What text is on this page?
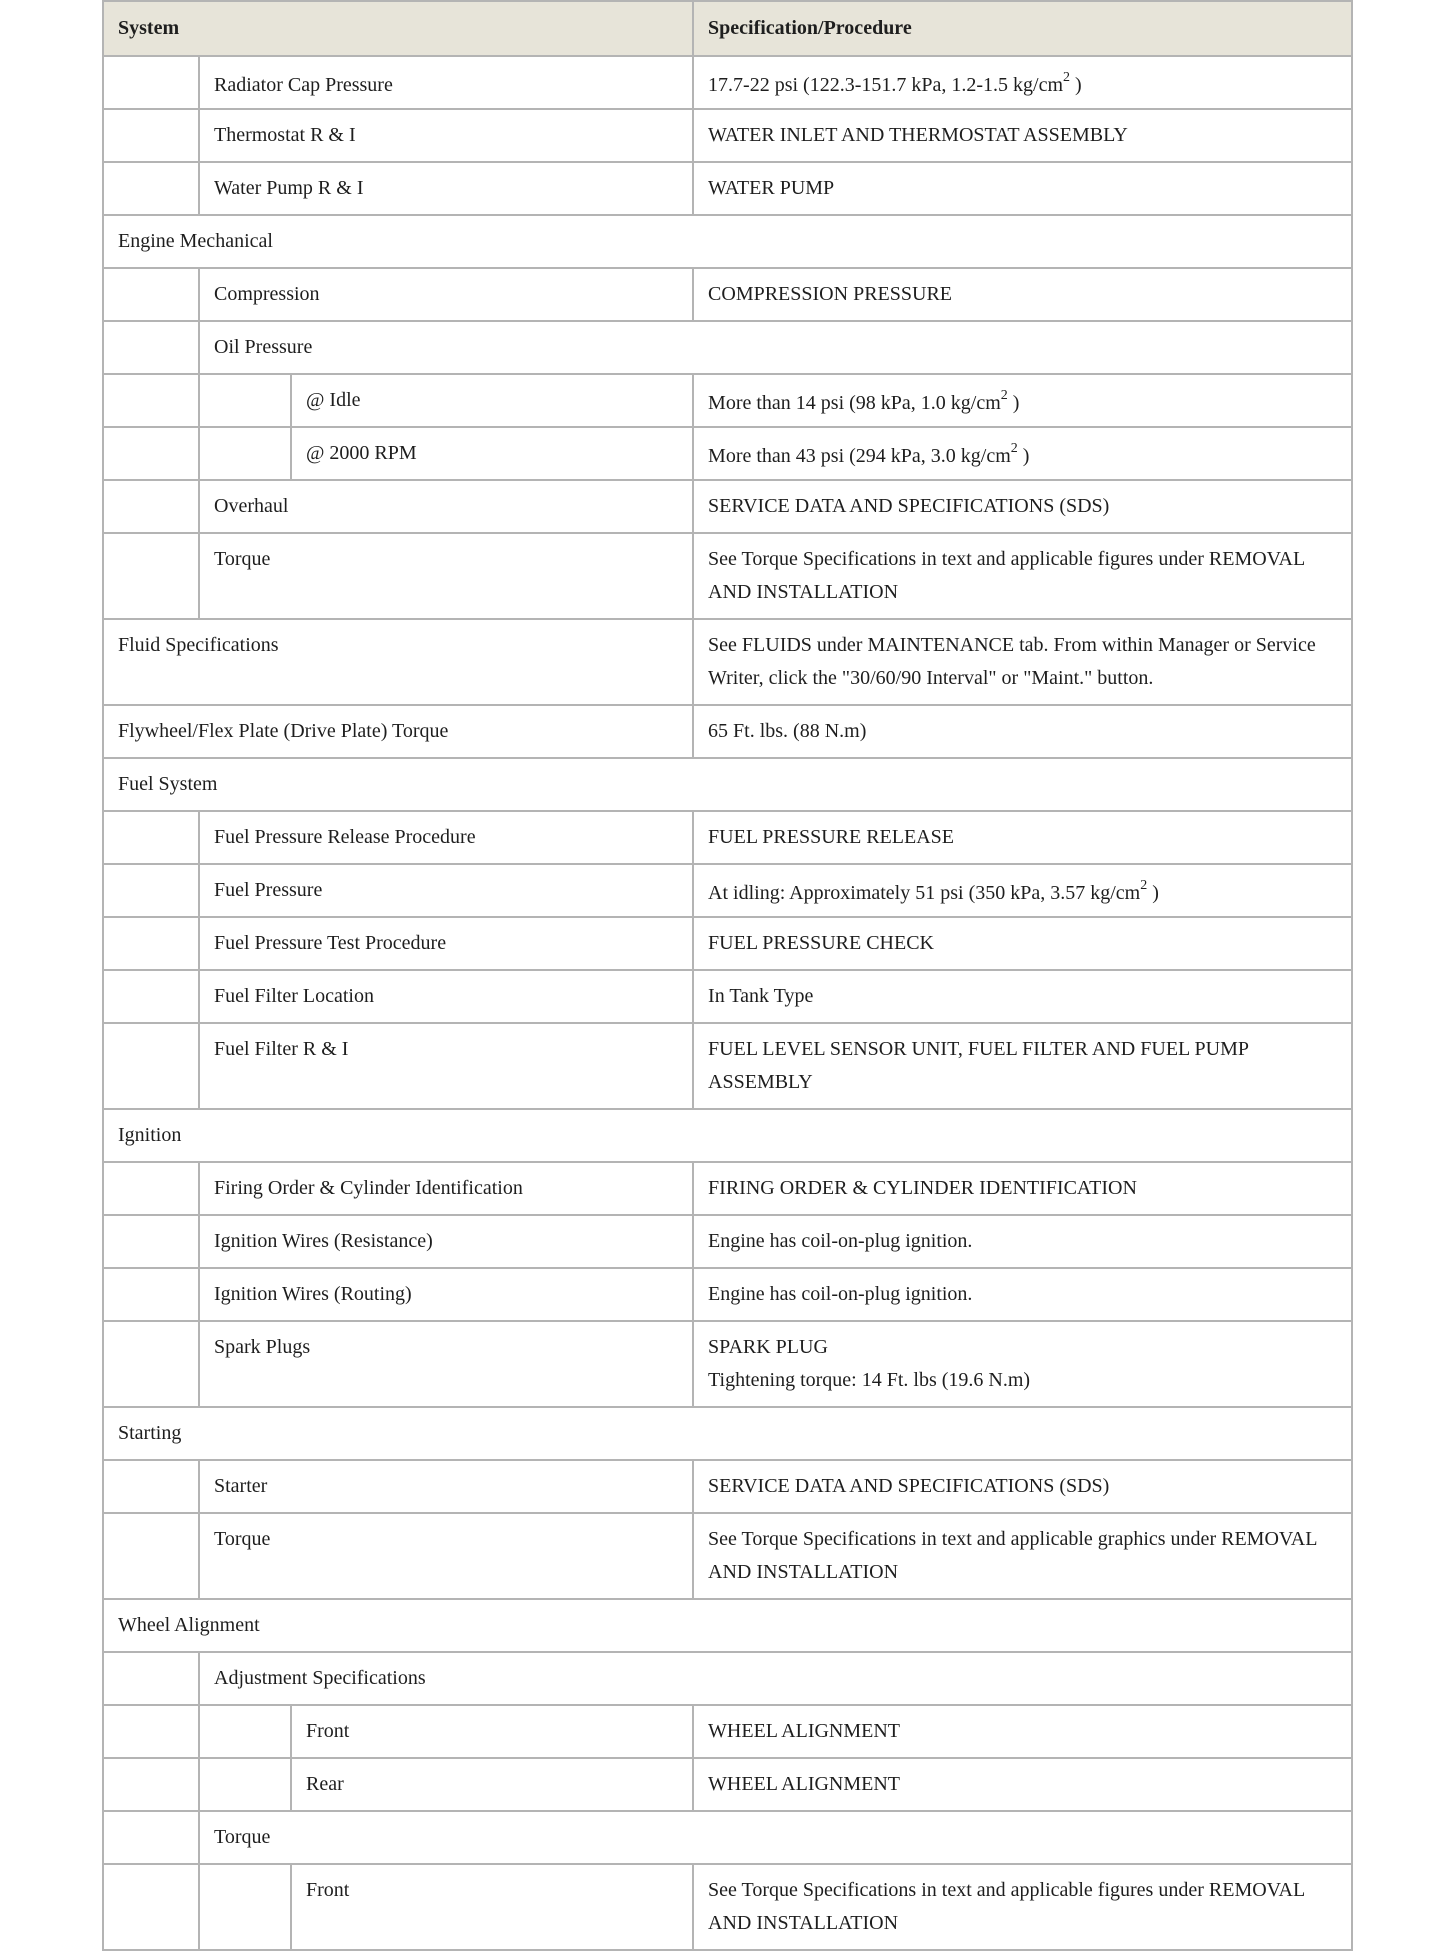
System			Specification/Procedure
	Radiator Cap Pressure		17.7-22 psi (122.3-151.7 kPa, 1.2-1.5 $kg/cm^2$ )
	Thermostat R & I		WATER INLET AND THERMOSTAT ASSEMBLY
	Water Pump R & I		WATER PUMP
Engine Mechanical			
	Compression		COMPRESSION PRESSURE
	Oil Pressure		
		@ Idle	More than 14 psi (98 kPa, 1.0 $kg/cm^2$ )
		@ 2000 RPM	More than 43 psi (294 kPa, 3.0 $kg/cm^2$ )
	Overhaul		SERVICE DATA AND SPECIFICATIONS (SDS)
	Torque		See Torque Specifications in text and applicable figures under REMOVAL AND INSTALLATION
Fluid Specifications			See FLUIDS under MAINTENANCE tab. From within Manager or Service Writer, click the "30/60/90 Interval" or "Maint." button.
Flywheel/Flex Plate (Drive Plate) Torque			65 Ft. lbs. (88 N.m)
Fuel System			
	Fuel Pressure Release Procedure		FUEL PRESSURE RELEASE
	Fuel Pressure		At idling: Approximately 51 psi (350 kPa, 3.57 $kg/cm^2$ )
	Fuel Pressure Test Procedure		FUEL PRESSURE CHECK
	Fuel Filter Location		In Tank Type
	Fuel Filter R & I		FUEL LEVEL SENSOR UNIT, FUEL FILTER AND FUEL PUMP ASSEMBLY
Ignition			
	Firing Order & Cylinder Identification		FIRING ORDER & CYLINDER IDENTIFICATION
	Ignition Wires (Resistance)		Engine has coil-on-plug ignition.
	Ignition Wires (Routing)		Engine has coil-on-plug ignition.
	Spark Plugs		SPARK PLUG
Tightening torque: 14 Ft. lbs (19.6 N.m)

Starting			
	Starter		SERVICE DATA AND SPECIFICATIONS (SDS)
	Torque		See Torque Specifications in text and applicable graphics under REMOVAL AND INSTALLATION
Wheel Alignment			
	Adjustment Specifications		
		Front	WHEEL ALIGNMENT
		Rear	WHEEL ALIGNMENT
	Torque		
		Front	See Torque Specifications in text and applicable figures under REMOVAL AND INSTALLATION
